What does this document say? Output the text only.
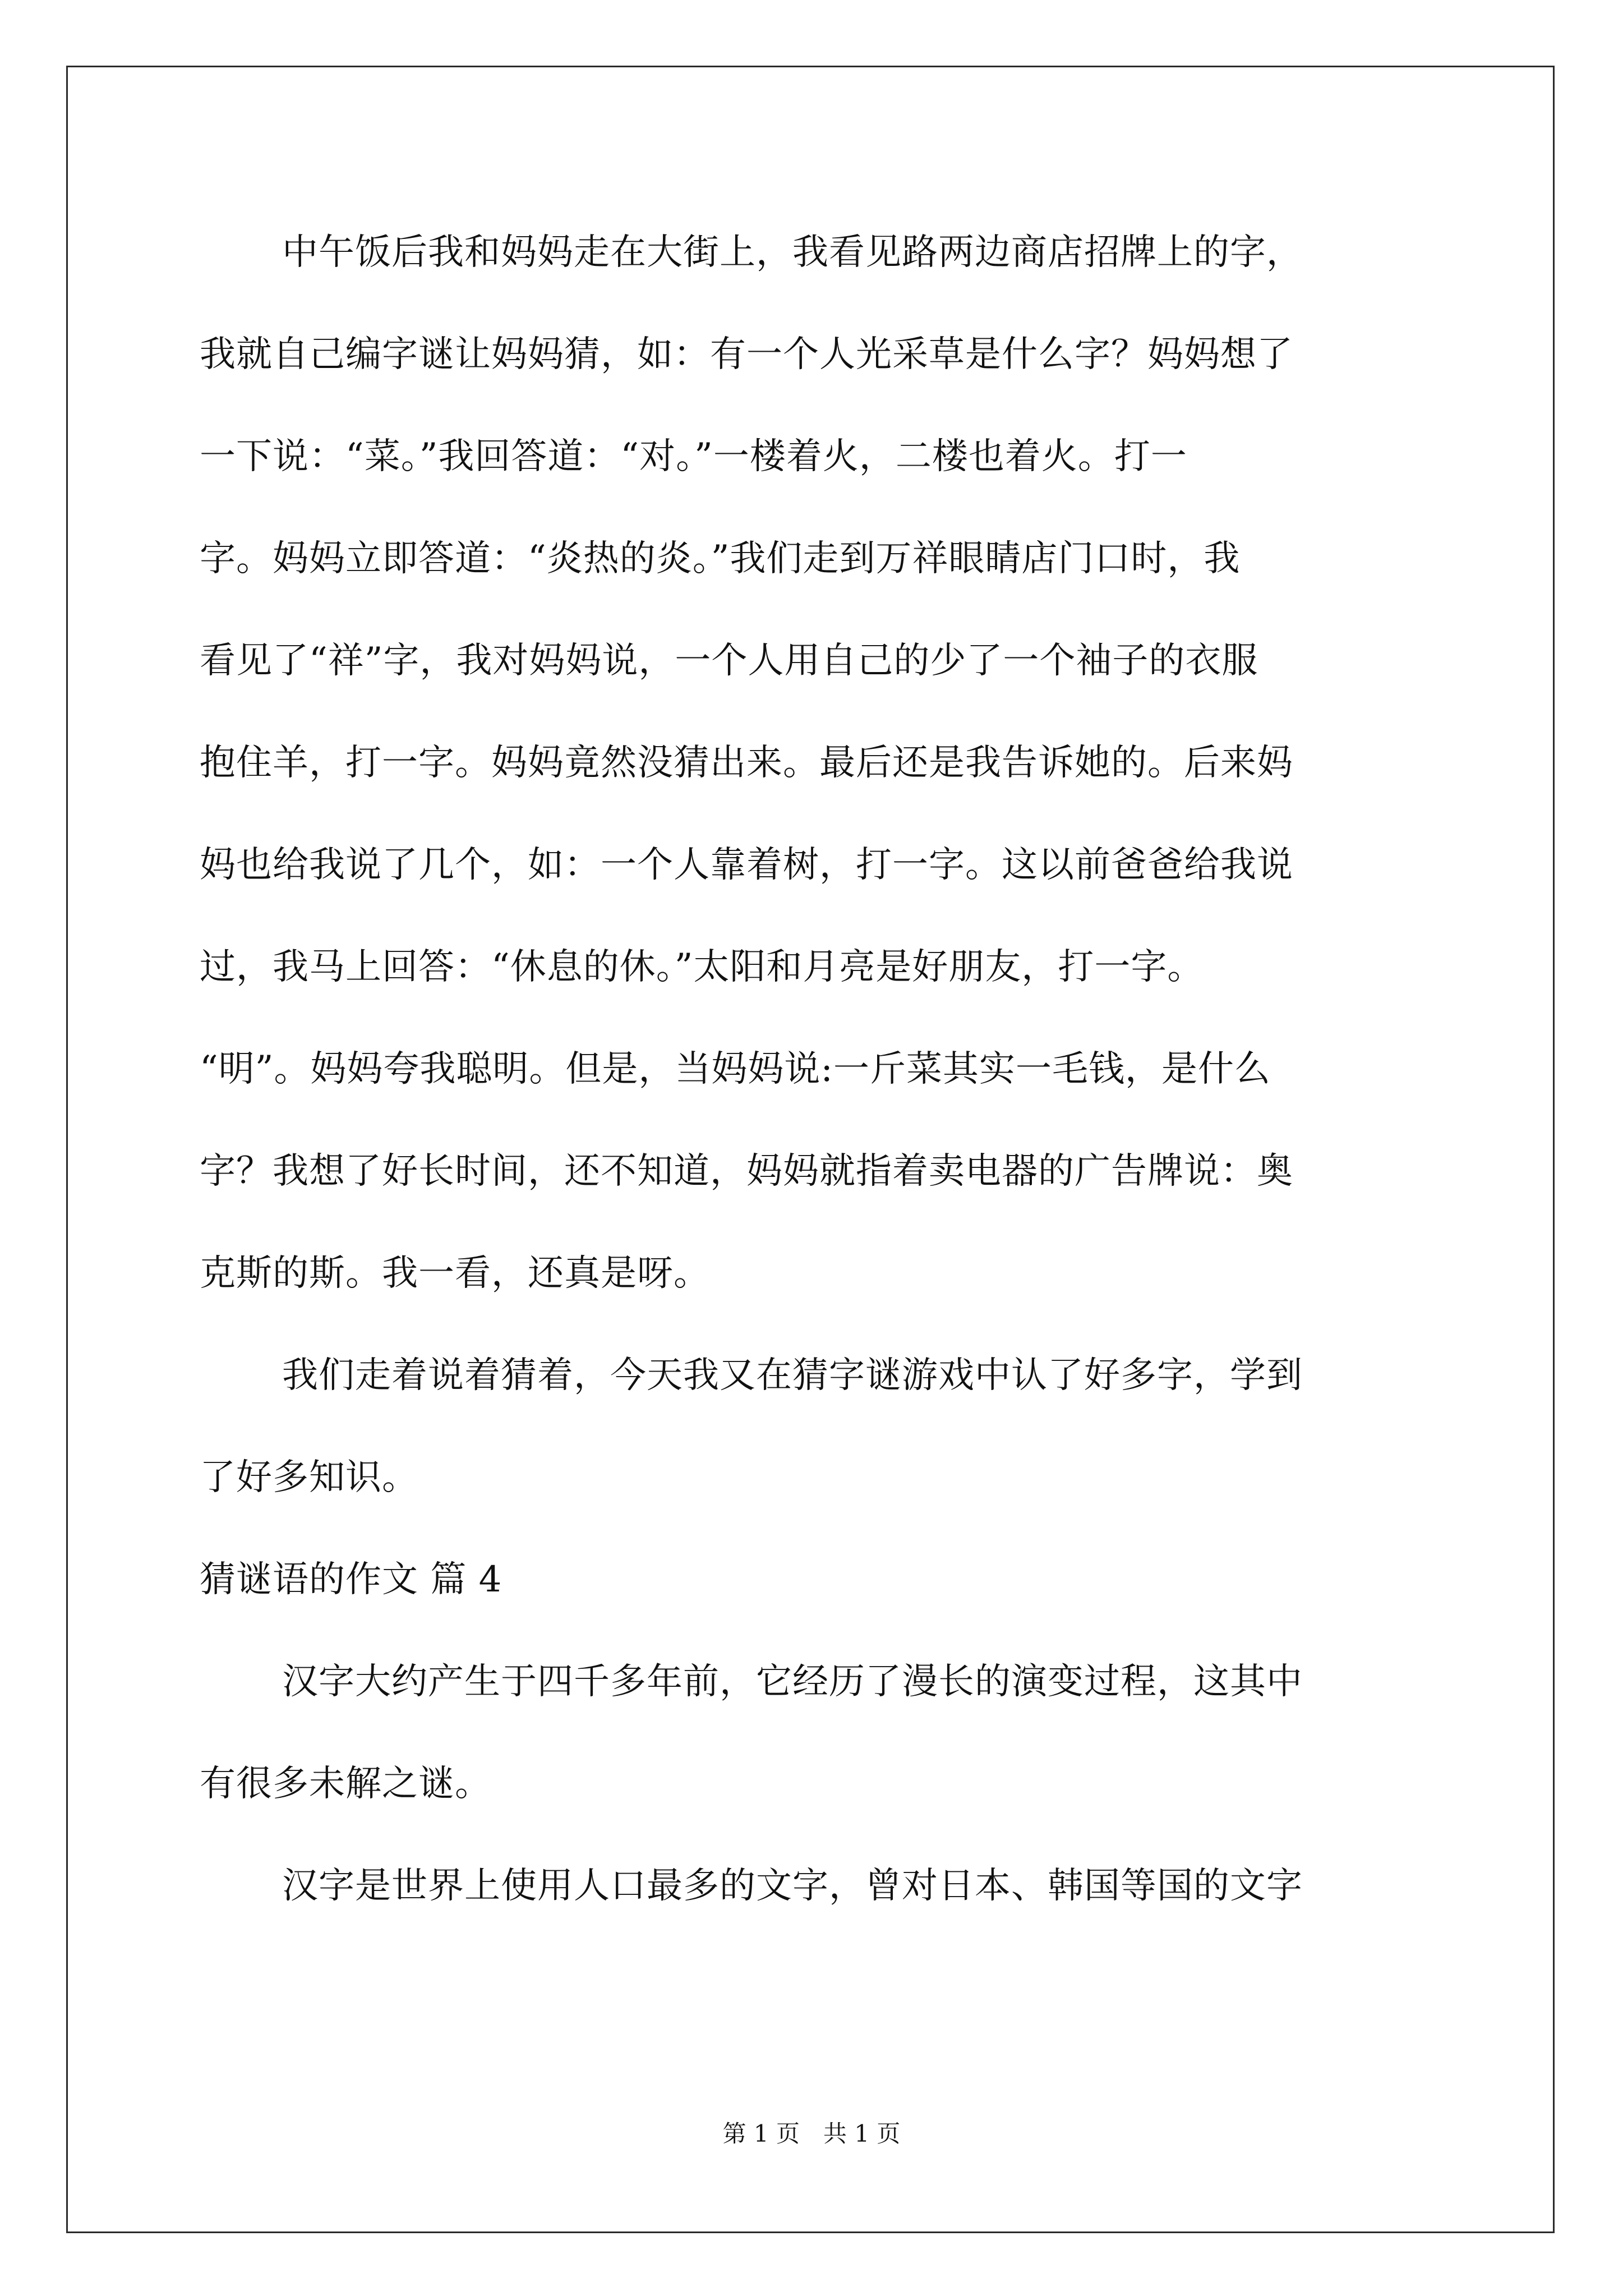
中午饭后我和妈妈走在大街上，我看见路两边商店招牌上的字，
我就自己编字谜让妈妈猜，如：有一个人光采草是什么字？妈妈想了
一下说：“菜。”我回答道：“对。”一楼着火，二楼也着火。打一
字。妈妈立即答道：“炎热的炎。”我们走到万祥眼睛店门口时，我
看见了“祥”字，我对妈妈说，一个人用自己的少了一个袖子的衣服
抱住羊，打一字。妈妈竟然没猜出来。最后还是我告诉她的。后来妈
妈也给我说了几个，如：一个人靠着树，打一字。这以前爸爸给我说
过，我马上回答：“休息的休。”太阳和月亮是好朋友，打一字。
“明”。妈妈夸我聪明。但是，当妈妈说:一斤菜其实一毛钱，是什么
字？我想了好长时间，还不知道，妈妈就指着卖电器的广告牌说：奥
克斯的斯。我一看，还真是呀。
我们走着说着猜着，今天我又在猜字谜游戏中认了好多字，学到
了好多知识。
猜谜语的作文 篇 4
汉字大约产生于四千多年前，它经历了漫长的演变过程，这其中
有很多未解之谜。
汉字是世界上使用人口最多的文字，曾对日本、韩国等国的文字
第 1 页　共 1 页
